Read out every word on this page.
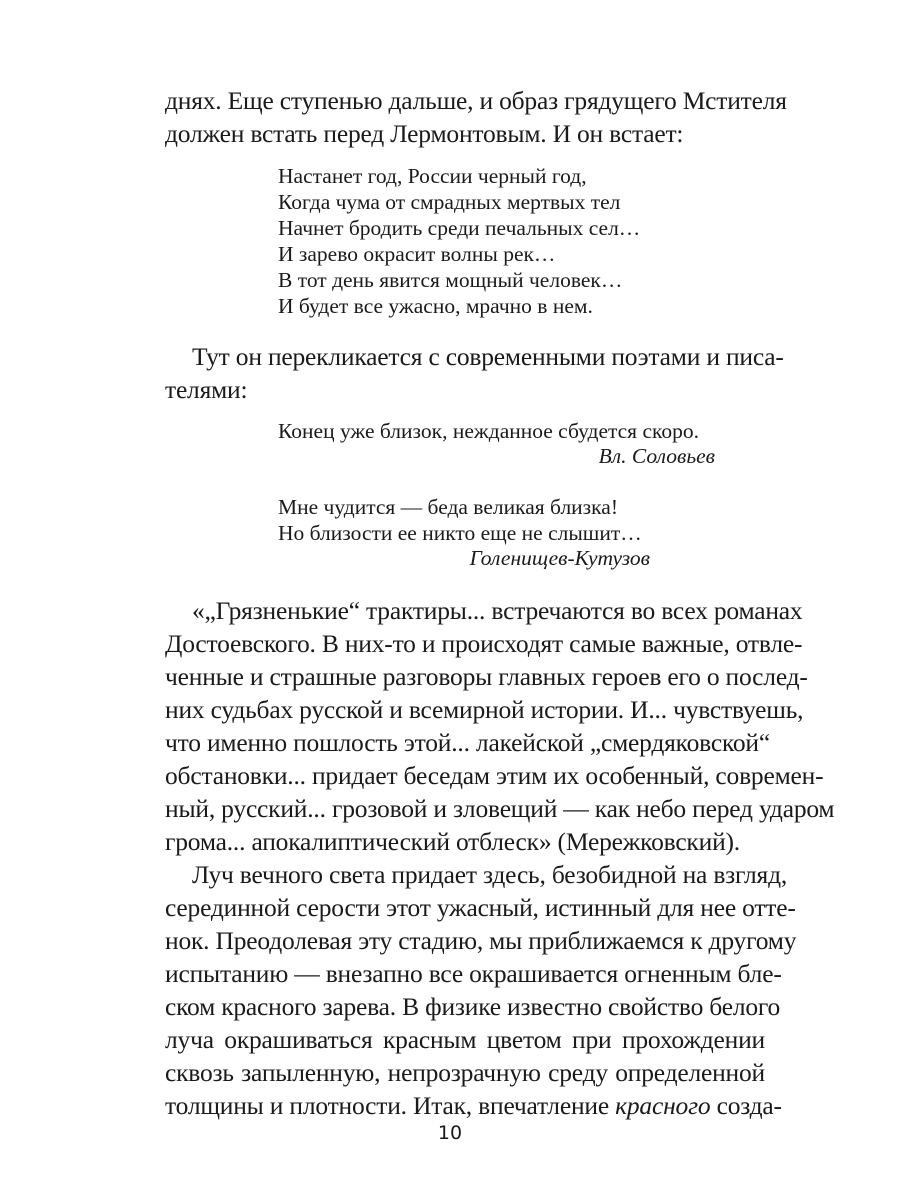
днях. Еще ступенью дальше, и образ грядущего Мстителя
должен встать перед Лермонтовым. И он встает:
Настанет год, России черный год,
Когда чума от смрадных мертвых тел
Начнет бродить среди печальных сел…
И зарево окрасит волны рек…
В тот день явится мощный человек…
И будет все ужасно, мрачно в нем.
Тут он перекликается с современными поэтами и писа-
телями:
Конец уже близок, нежданное сбудется скоро.
Вл. Соловьев
Мне чудится — беда великая близка!
Но близости ее никто еще не слышит…
Голенищев-Кутузов
«„Грязненькие“ трактиры... встречаются во всех романах
Достоевского. В них-то и происходят самые важные, отвле-
ченные и страшные разговоры главных героев его о послед-
них судьбах русской и всемирной истории. И... чувствуешь,
что именно пошлость этой... лакейской „смердяковской“
обстановки... придает беседам этим их особенный, современ-
ный, русский... грозовой и зловещий — как небо перед ударом
грома... апокалиптический отблеск» (Мережковский).
Луч вечного света придает здесь, безобидной на взгляд,
серединной серости этот ужасный, истинный для нее отте-
нок. Преодолевая эту стадию, мы приближаемся к другому
испытанию — внезапно все окрашивается огненным бле-
ском красного зарева. В физике известно свойство белого
луча окрашиваться красным цветом при прохождении
сквозь запыленную, непрозрачную среду определенной
толщины и плотности. Итак, впечатление красного созда-
10
